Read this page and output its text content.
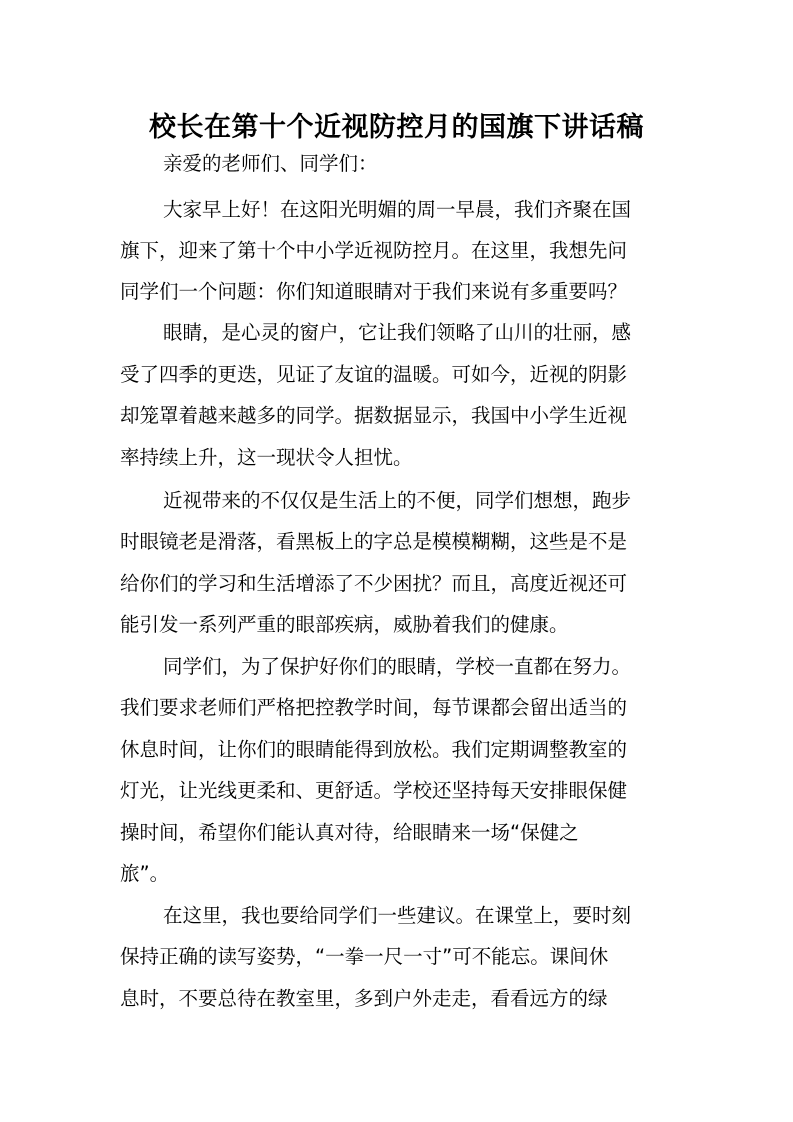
校长在第十个近视防控月的国旗下讲话稿

亲爱的老师们、同学们：

大家早上好！在这阳光明媚的周一早晨，我们齐聚在国

旗下，迎来了第十个中小学近视防控月。在这里，我想先问

同学们一个问题：你们知道眼睛对于我们来说有多重要吗？

眼睛，是心灵的窗户，它让我们领略了山川的壮丽，感

受了四季的更迭，见证了友谊的温暖。可如今，近视的阴影

却笼罩着越来越多的同学。据数据显示，我国中小学生近视

率持续上升，这一现状令人担忧。

近视带来的不仅仅是生活上的不便，同学们想想，跑步

时眼镜老是滑落，看黑板上的字总是模模糊糊，这些是不是

给你们的学习和生活增添了不少困扰？而且，高度近视还可

能引发一系列严重的眼部疾病，威胁着我们的健康。

同学们，为了保护好你们的眼睛，学校一直都在努力。

我们要求老师们严格把控教学时间，每节课都会留出适当的

休息时间，让你们的眼睛能得到放松。我们定期调整教室的

灯光，让光线更柔和、更舒适。学校还坚持每天安排眼保健

操时间，希望你们能认真对待，给眼睛来一场“保健之

旅”。

在这里，我也要给同学们一些建议。在课堂上，要时刻

保持正确的读写姿势，“一拳一尺一寸”可不能忘。课间休

息时，不要总待在教室里，多到户外走走，看看远方的绿
